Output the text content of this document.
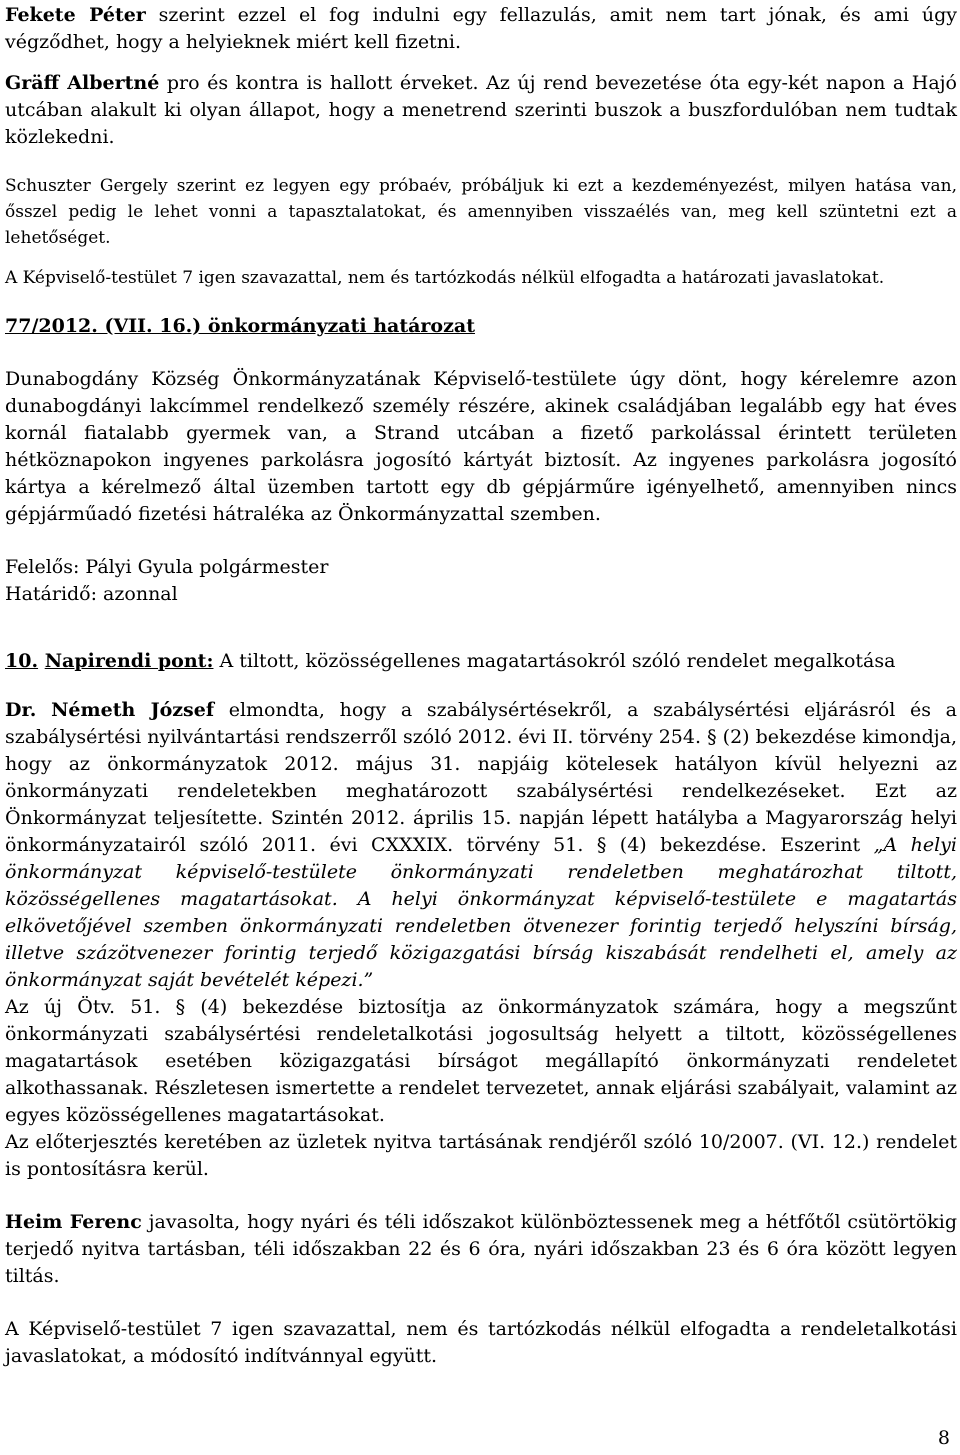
Fekete Péter szerint ezzel el fog indulni egy fellazulás, amit nem tart jónak, és ami úgy végződhet, hogy a helyieknek miért kell fizetni.

Gräff Albertné pro és kontra is hallott érveket. Az új rend bevezetése óta egy-két napon a Hajó utcában alakult ki olyan állapot, hogy a menetrend szerinti buszok a buszfordulóban nem tudtak közlekedni.

Schuszter Gergely szerint ez legyen egy próbaév, próbáljuk ki ezt a kezdeményezést, milyen hatása van, ősszel pedig le lehet vonni a tapasztalatokat, és amennyiben visszaélés van, meg kell szüntetni ezt a lehetőséget.

A Képviselő-testület 7 igen szavazattal, nem és tartózkodás nélkül elfogadta a határozati javaslatokat.

77/2012. (VII. 16.) önkormányzati határozat

Dunabogdány Község Önkormányzatának Képviselő-testülete úgy dönt, hogy kérelemre azon dunabogdányi lakcímmel rendelkező személy részére, akinek családjában legalább egy hat éves kornál fiatalabb gyermek van, a Strand utcában a fizető parkolással érintett területen hétköznapokon ingyenes parkolásra jogosító kártyát biztosít. Az ingyenes parkolásra jogosító kártya a kérelmező által üzemben tartott egy db gépjárműre igényelhető, amennyiben nincs gépjárműadó fizetési hátraléka az Önkormányzattal szemben.

Felelős: Pályi Gyula polgármester

Határidő: azonnal

10. Napirendi pont: A tiltott, közösségellenes magatartásokról szóló rendelet megalkotása

Dr. Németh József elmondta, hogy a szabálysértésekről, a szabálysértési eljárásról és a szabálysértési nyilvántartási rendszerről szóló 2012. évi II. törvény 254. § (2) bekezdése kimondja, hogy az önkormányzatok 2012. május 31. napjáig kötelesek hatályon kívül helyezni az önkormányzati rendeletekben meghatározott szabálysértési rendelkezéseket. Ezt az Önkormányzat teljesítette. Szintén 2012. április 15. napján lépett hatályba a Magyarország helyi önkormányzatairól szóló 2011. évi CXXXIX. törvény 51. § (4) bekezdése. Eszerint „A helyi önkormányzat képviselő-testülete önkormányzati rendeletben meghatározhat tiltott, közösségellenes magatartásokat. A helyi önkormányzat képviselő-testülete e magatartás elkövetőjével szemben önkormányzati rendeletben ötvenezer forintig terjedő helyszíni bírság, illetve százötvenezer forintig terjedő közigazgatási bírság kiszabását rendelheti el, amely az önkormányzat saját bevételét képezi.”

Az új Ötv. 51. § (4) bekezdése biztosítja az önkormányzatok számára, hogy a megszűnt önkormányzati szabálysértési rendeletalkotási jogosultság helyett a tiltott, közösségellenes magatartások esetében közigazgatási bírságot megállapító önkormányzati rendeletet alkothassanak. Részletesen ismertette a rendelet tervezetet, annak eljárási szabályait, valamint az egyes közösségellenes magatartásokat.

Az előterjesztés keretében az üzletek nyitva tartásának rendjéről szóló 10/2007. (VI. 12.) rendelet is pontosításra kerül.

Heim Ferenc javasolta, hogy nyári és téli időszakot különböztessenek meg a hétfőtől csütörtökig terjedő nyitva tartásban, téli időszakban 22 és 6 óra, nyári időszakban 23 és 6 óra között legyen tiltás.

A Képviselő-testület 7 igen szavazattal, nem és tartózkodás nélkül elfogadta a rendeletalkotási javaslatokat, a módosító indítvánnyal együtt.

8
